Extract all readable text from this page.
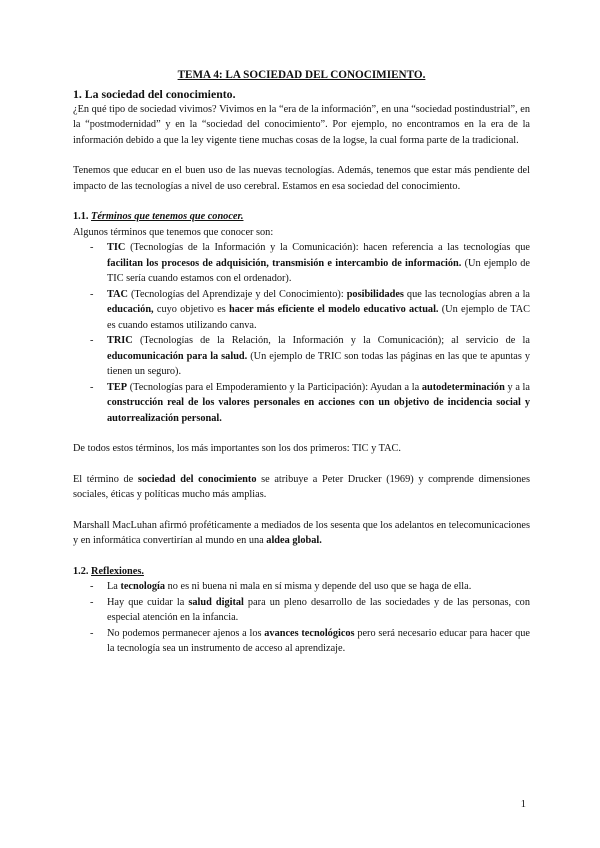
TEMA 4: LA SOCIEDAD DEL CONOCIMIENTO.
1. La sociedad del conocimiento.

¿En qué tipo de sociedad vivimos? Vivimos en la “era de la información”, en una “sociedad postindustrial”, en la “postmodernidad” y en la “sociedad del conocimiento”. Por ejemplo, no encontramos en la era de la información debido a que la ley vigente tiene muchas cosas de la logse, la cual forma parte de la tradicional.

Tenemos que educar en el buen uso de las nuevas tecnologías. Además, tenemos que estar más pendiente del impacto de las tecnologías a nivel de uso cerebral. Estamos en esa sociedad del conocimiento.

1.1. Términos que tenemos que conocer.

Algunos términos que tenemos que conocer son:

- TIC (Tecnologías de la Información y la Comunicación): hacen referencia a las tecnologías que facilitan los procesos de adquisición, transmisión e intercambio de información. (Un ejemplo de TIC sería cuando estamos con el ordenador).
- TAC (Tecnologías del Aprendizaje y del Conocimiento): posibilidades que las tecnologías abren a la educación, cuyo objetivo es hacer más eficiente el modelo educativo actual. (Un ejemplo de TAC es cuando estamos utilizando canva.
- TRIC (Tecnologías de la Relación, la Información y la Comunicación); al servicio de la educomunicación para la salud. (Un ejemplo de TRIC son todas las páginas en las que te apuntas y tienen un seguro).
- TEP (Tecnologías para el Empoderamiento y la Participación): Ayudan a la autodeterminación y a la construcción real de los valores personales en acciones con un objetivo de incidencia social y autorrealización personal.

De todos estos términos, los más importantes son los dos primeros: TIC y TAC.

El término de sociedad del conocimiento se atribuye a Peter Drucker (1969) y comprende dimensiones sociales, éticas y políticas mucho más amplias.

Marshall MacLuhan afirmó proféticamente a mediados de los sesenta que los adelantos en telecomunicaciones y en informática convertirían al mundo en una aldea global.

1.2. Reflexiones.
- La tecnología no es ni buena ni mala en sí misma y depende del uso que se haga de ella.
- Hay que cuidar la salud digital para un pleno desarrollo de las sociedades y de las personas, con especial atención en la infancia.
- No podemos permanecer ajenos a los avances tecnológicos pero será necesario educar para hacer que la tecnología sea un instrumento de acceso al aprendizaje.
1
